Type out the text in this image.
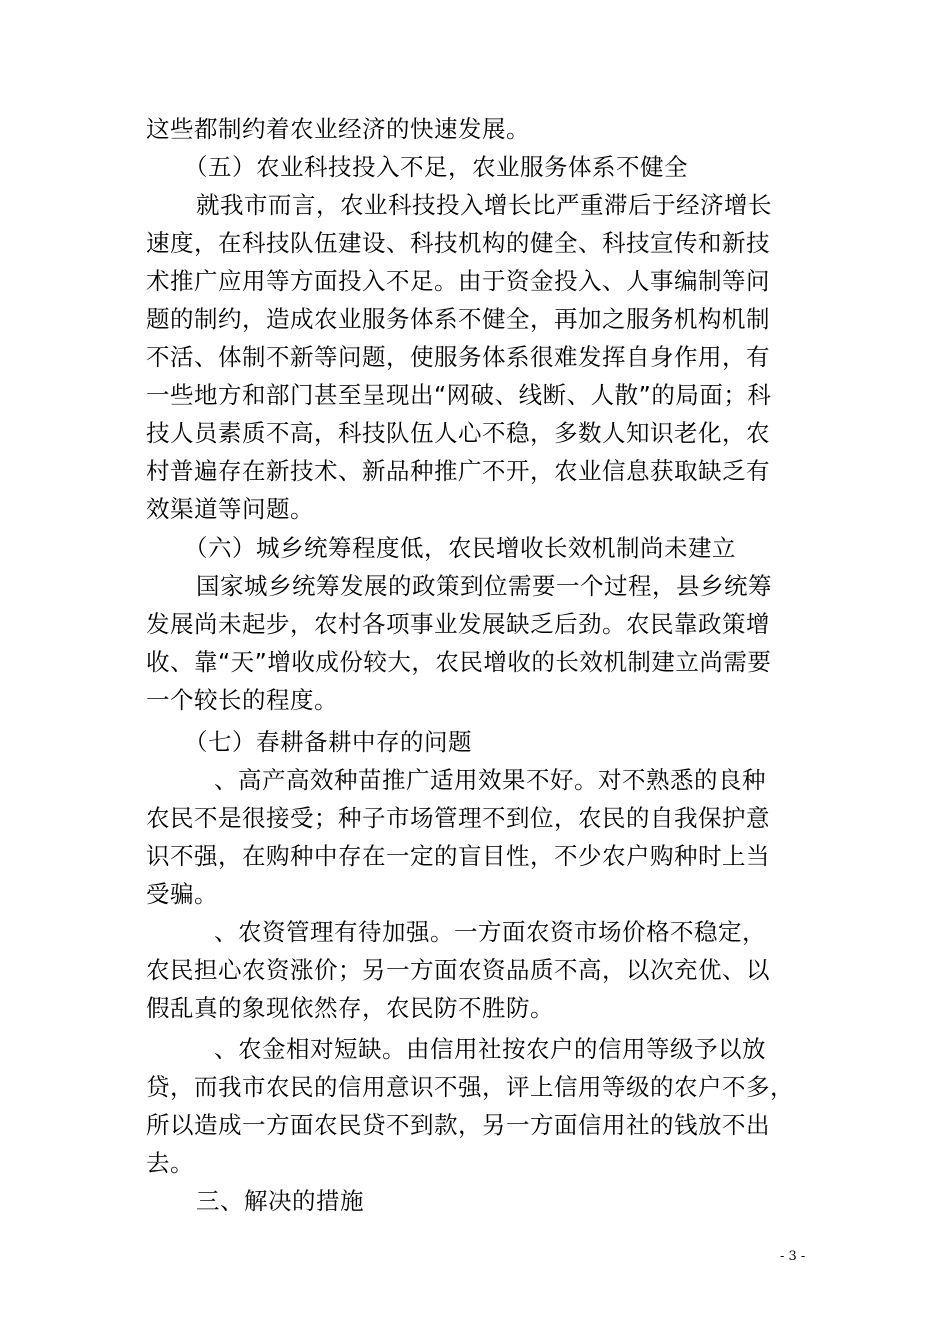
这些都制约着农业经济的快速发展。
（五）农业科技投入不足，农业服务体系不健全
就我市而言，农业科技投入增长比严重滞后于经济增长
速度，在科技队伍建设、科技机构的健全、科技宣传和新技
术推广应用等方面投入不足。由于资金投入、人事编制等问
题的制约，造成农业服务体系不健全，再加之服务机构机制
不活、体制不新等问题，使服务体系很难发挥自身作用，有
一些地方和部门甚至呈现出“网破、线断、人散”的局面；科
技人员素质不高，科技队伍人心不稳，多数人知识老化，农
村普遍存在新技术、新品种推广不开，农业信息获取缺乏有
效渠道等问题。
（六）城乡统筹程度低，农民增收长效机制尚未建立
国家城乡统筹发展的政策到位需要一个过程，县乡统筹
发展尚未起步，农村各项事业发展缺乏后劲。农民靠政策增
收、靠“天”增收成份较大，农民增收的长效机制建立尚需要
一个较长的程度。
（七）春耕备耕中存的问题
、高产高效种苗推广适用效果不好。对不熟悉的良种
农民不是很接受；种子市场管理不到位，农民的自我保护意
识不强，在购种中存在一定的盲目性，不少农户购种时上当
受骗。
、农资管理有待加强。一方面农资市场价格不稳定，
农民担心农资涨价；另一方面农资品质不高，以次充优、以
假乱真的象现依然存，农民防不胜防。
、农金相对短缺。由信用社按农户的信用等级予以放
贷，而我市农民的信用意识不强，评上信用等级的农户不多，
所以造成一方面农民贷不到款，另一方面信用社的钱放不出
去。
三、解决的措施
- 3 -
